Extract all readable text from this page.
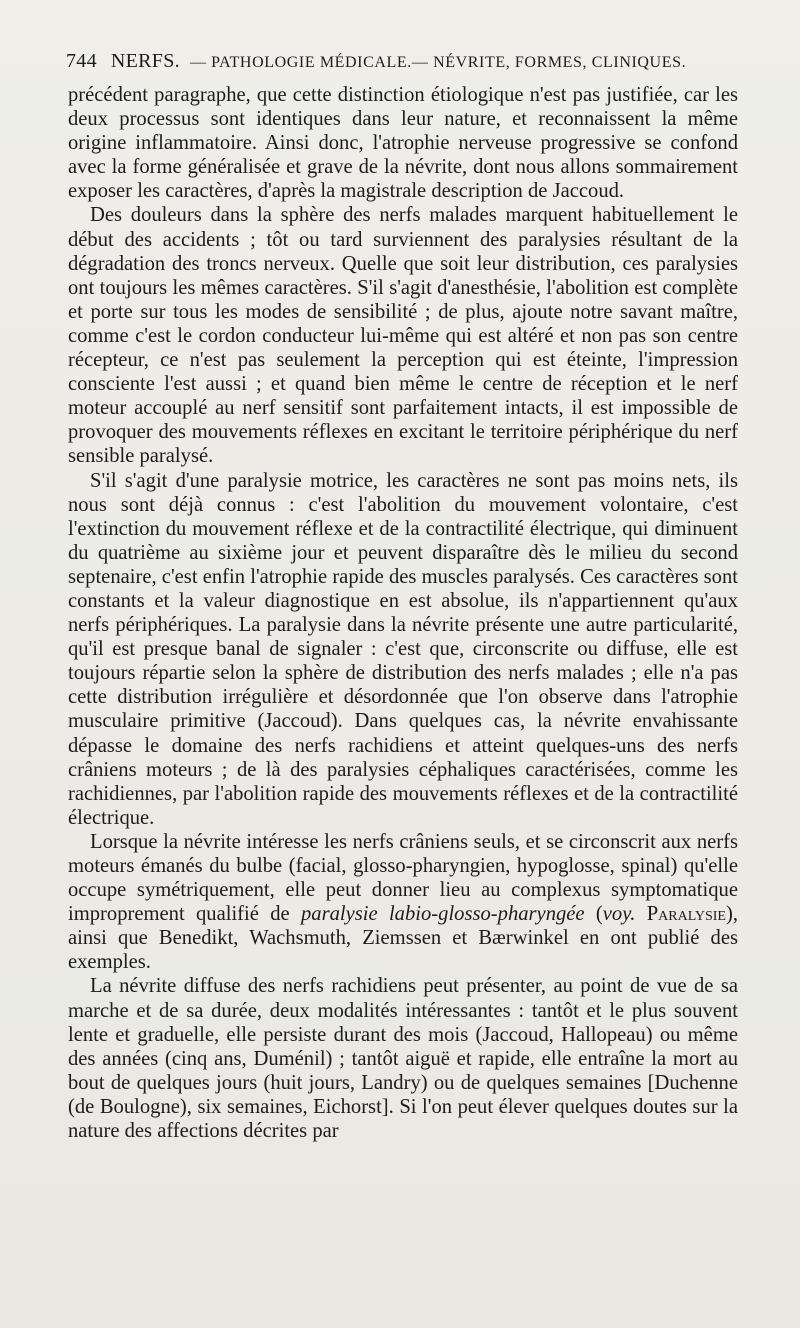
744 NERFS. — PATHOLOGIE MÉDICALE.— NÉVRITE, FORMES, CLINIQUES.

précédent paragraphe, que cette distinction étiologique n'est pas justifiée, car les deux processus sont identiques dans leur nature, et reconnaissent la même origine inflammatoire. Ainsi donc, l'atrophie nerveuse progressive se confond avec la forme généralisée et grave de la névrite, dont nous allons sommairement exposer les caractères, d'après la magistrale description de Jaccoud.

Des douleurs dans la sphère des nerfs malades marquent habituellement le début des accidents ; tôt ou tard surviennent des paralysies résultant de la dégradation des troncs nerveux. Quelle que soit leur distribution, ces paralysies ont toujours les mêmes caractères. S'il s'agit d'anesthésie, l'abolition est complète et porte sur tous les modes de sensibilité ; de plus, ajoute notre savant maître, comme c'est le cordon conducteur lui-même qui est altéré et non pas son centre récepteur, ce n'est pas seulement la perception qui est éteinte, l'impression consciente l'est aussi ; et quand bien même le centre de réception et le nerf moteur accouplé au nerf sensitif sont parfaitement intacts, il est impossible de provoquer des mouvements réflexes en excitant le territoire périphérique du nerf sensible paralysé.

S'il s'agit d'une paralysie motrice, les caractères ne sont pas moins nets, ils nous sont déjà connus : c'est l'abolition du mouvement volontaire, c'est l'extinction du mouvement réflexe et de la contractilité électrique, qui diminuent du quatrième au sixième jour et peuvent disparaître dès le milieu du second septenaire, c'est enfin l'atrophie rapide des muscles paralysés. Ces caractères sont constants et la valeur diagnostique en est absolue, ils n'appartiennent qu'aux nerfs périphériques. La paralysie dans la névrite présente une autre particularité, qu'il est presque banal de signaler : c'est que, circonscrite ou diffuse, elle est toujours répartie selon la sphère de distribution des nerfs malades ; elle n'a pas cette distribution irrégulière et désordonnée que l'on observe dans l'atrophie musculaire primitive (Jaccoud). Dans quelques cas, la névrite envahissante dépasse le domaine des nerfs rachidiens et atteint quelques-uns des nerfs crâniens moteurs ; de là des paralysies céphaliques caractérisées, comme les rachidiennes, par l'abolition rapide des mouvements réflexes et de la contractilité électrique.

Lorsque la névrite intéresse les nerfs crâniens seuls, et se circonscrit aux nerfs moteurs émanés du bulbe (facial, glosso-pharyngien, hypoglosse, spinal) qu'elle occupe symétriquement, elle peut donner lieu au complexus symptomatique improprement qualifié de paralysie labio-glosso-pharyngée (voy. Paralysie), ainsi que Benedikt, Wachsmuth, Ziemssen et Bærwinkel en ont publié des exemples.

La névrite diffuse des nerfs rachidiens peut présenter, au point de vue de sa marche et de sa durée, deux modalités intéressantes : tantôt et le plus souvent lente et graduelle, elle persiste durant des mois (Jaccoud, Hallopeau) ou même des années (cinq ans, Duménil) ; tantôt aiguë et rapide, elle entraîne la mort au bout de quelques jours (huit jours, Landry) ou de quelques semaines [Duchenne (de Boulogne), six semaines, Eichorst]. Si l'on peut élever quelques doutes sur la nature des affections décrites par
